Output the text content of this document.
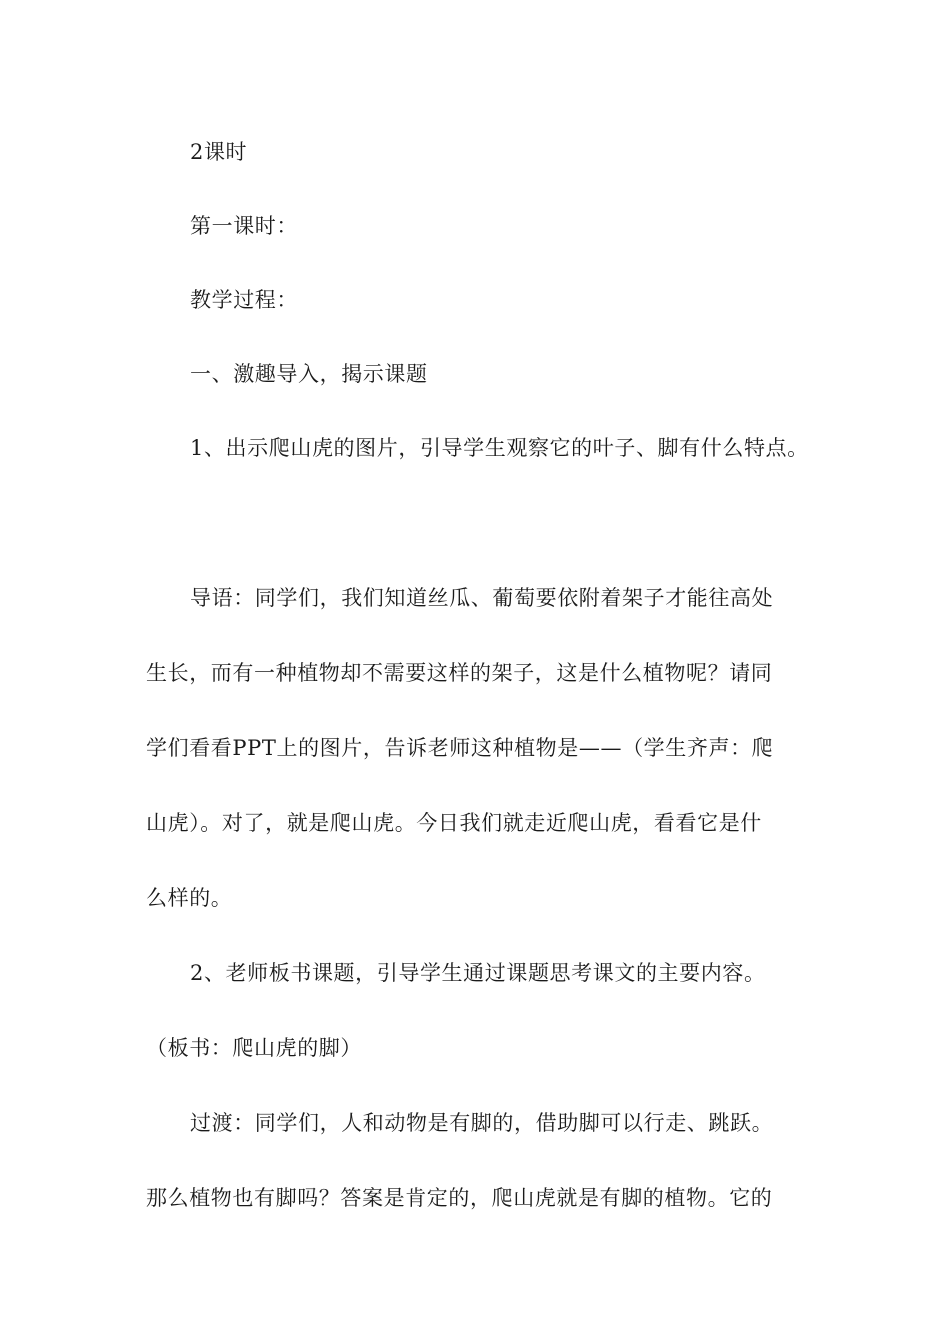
2课时

第一课时：

教学过程：

一、激趣导入，揭示课题

1、出示爬山虎的图片，引导学生观察它的叶子、脚有什么特点。

导语：同学们，我们知道丝瓜、葡萄要依附着架子才能往高处

生长，而有一种植物却不需要这样的架子，这是什么植物呢？请同

学们看看PPT上的图片，告诉老师这种植物是——（学生齐声：爬

山虎）。对了，就是爬山虎。今日我们就走近爬山虎，看看它是什

么样的。

2、老师板书课题，引导学生通过课题思考课文的主要内容。

（板书：爬山虎的脚）

过渡：同学们，人和动物是有脚的，借助脚可以行走、跳跃。

那么植物也有脚吗？答案是肯定的，爬山虎就是有脚的植物。它的
